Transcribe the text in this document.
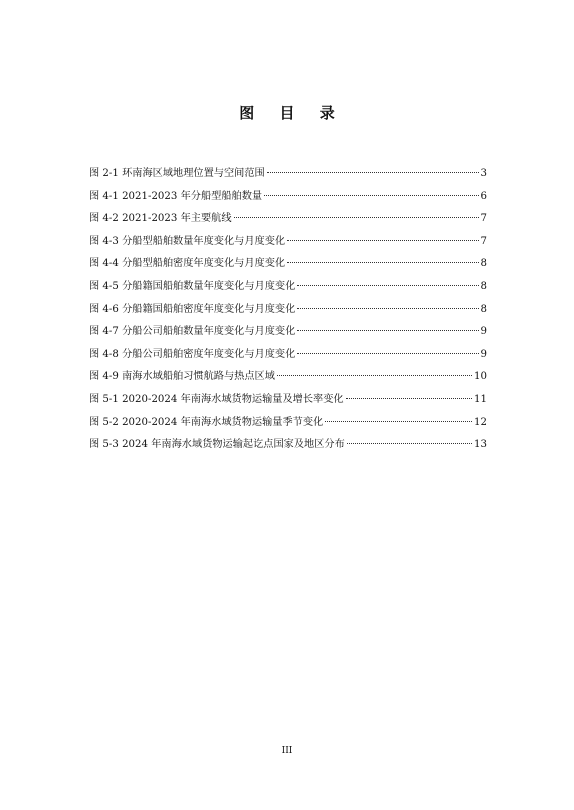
图 目 录
图 2-1 环南海区域地理位置与空间范围	3
图 4-1 2021-2023 年分船型船舶数量	6
图 4-2 2021-2023 年主要航线	7
图 4-3 分船型船舶数量年度变化与月度变化	7
图 4-4 分船型船舶密度年度变化与月度变化	8
图 4-5 分船籍国船舶数量年度变化与月度变化	8
图 4-6 分船籍国船舶密度年度变化与月度变化	8
图 4-7 分船公司船舶数量年度变化与月度变化	9
图 4-8 分船公司船舶密度年度变化与月度变化	9
图 4-9 南海水域船舶习惯航路与热点区域	10
图 5-1 2020-2024 年南海水域货物运输量及增长率变化	11
图 5-2 2020-2024 年南海水域货物运输量季节变化	12
图 5-3 2024 年南海水域货物运输起讫点国家及地区分布	13
III
